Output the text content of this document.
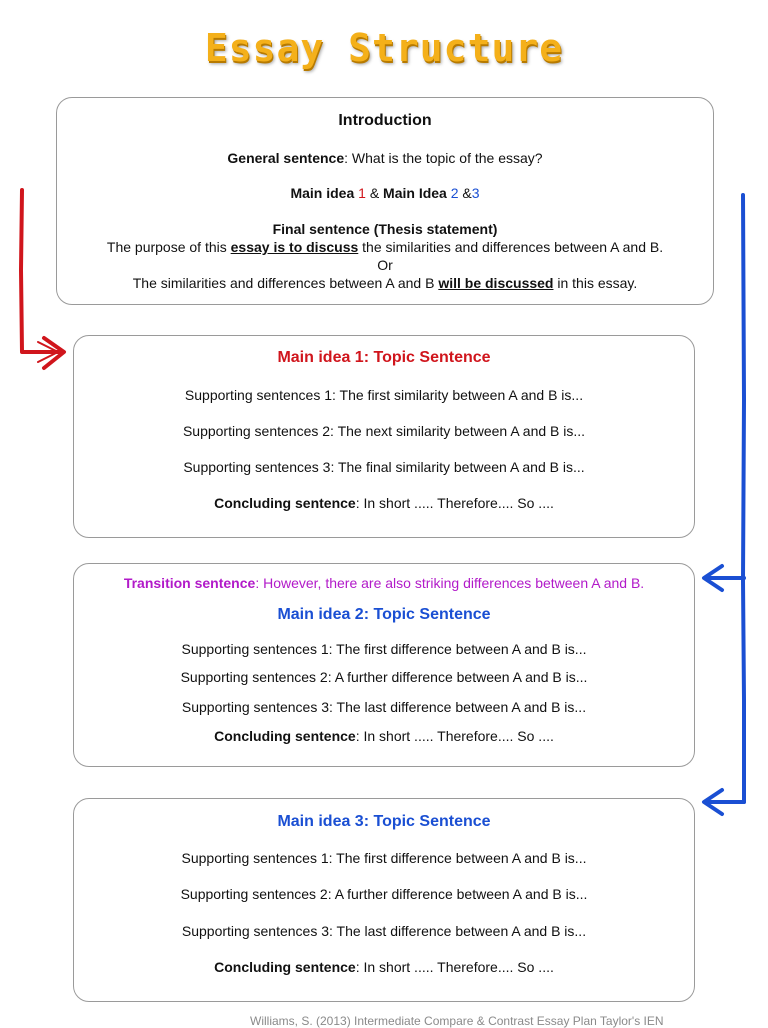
Essay Structure
Introduction
General sentence: What is the topic of the essay?
Main idea 1 & Main Idea 2 &3
Final sentence (Thesis statement)
The purpose of this essay is to discuss the similarities and differences between A and B.
Or
The similarities and differences between A and B will be discussed in this essay.
Main idea 1: Topic Sentence
Supporting sentences 1: The first similarity between A and B is...
Supporting sentences 2: The next similarity between A and B is...
Supporting sentences 3: The final similarity between A and B is...
Concluding sentence: In short ..... Therefore.... So ....
Transition sentence: However, there are also striking differences between A and B.
Main idea 2: Topic Sentence
Supporting sentences 1: The first difference between A and B is...
Supporting sentences 2: A further difference between A and B is...
Supporting sentences 3: The last difference between A and B is...
Concluding sentence: In short ..... Therefore.... So ....
Main idea 3: Topic Sentence
Supporting sentences 1: The first difference between A and B is...
Supporting sentences 2: A further difference between A and B is...
Supporting sentences 3: The last difference between A and B is...
Concluding sentence: In short ..... Therefore.... So ....
Williams, S. (2013) Intermediate Compare & Contrast Essay Plan Taylor's IEN
